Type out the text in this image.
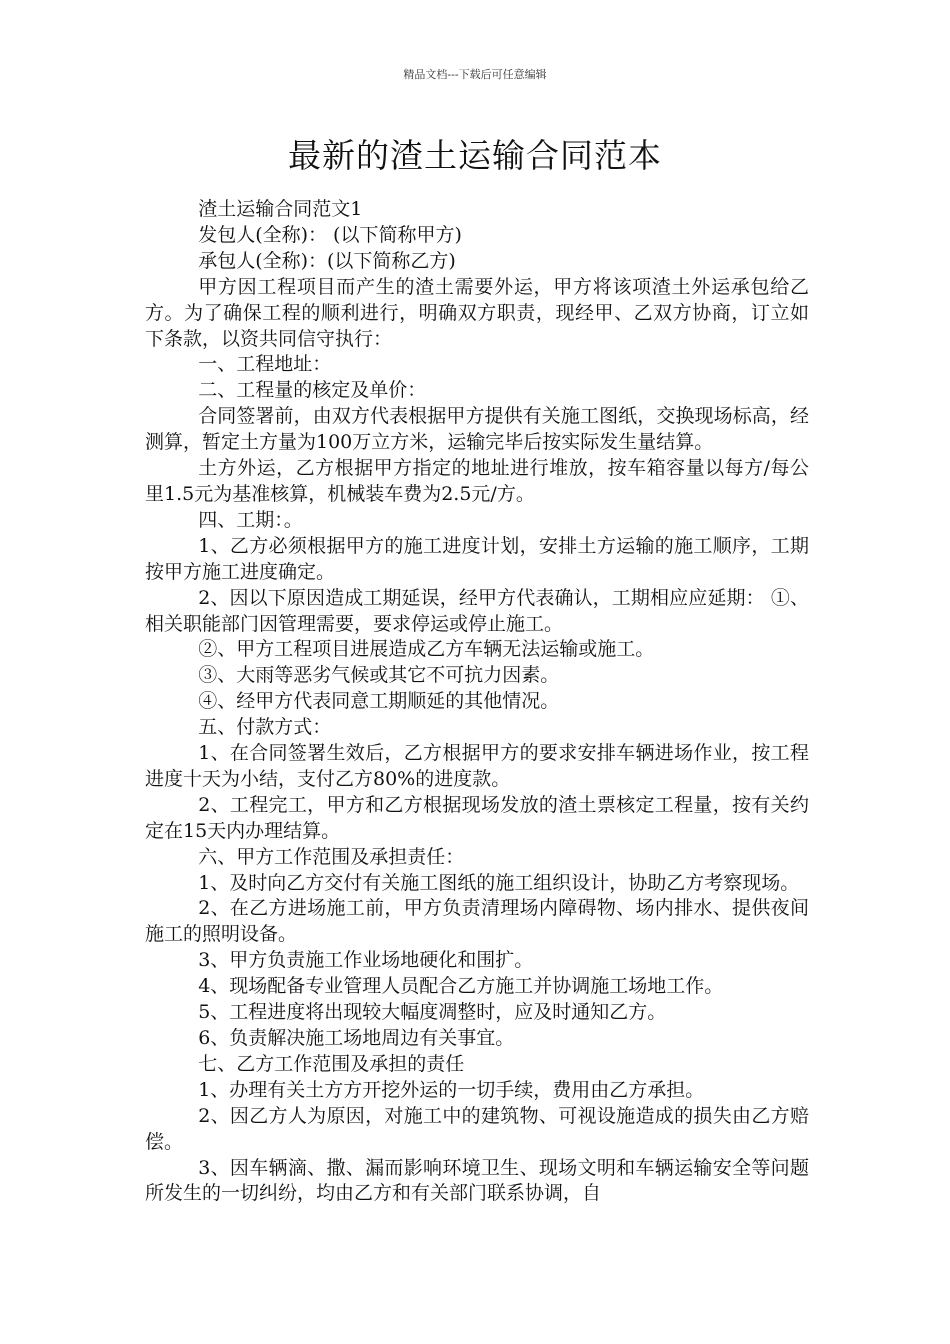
精品文档---下载后可任意编辑
最新的渣土运输合同范本

渣土运输合同范文1

发包人(全称)： (以下简称甲方)

承包人(全称)：(以下简称乙方)

甲方因工程项目而产生的渣土需要外运，甲方将该项渣土外运承包给乙方。为了确保工程的顺利进行，明确双方职责，现经甲、乙双方协商，订立如下条款，以资共同信守执行：

一、工程地址：

二、工程量的核定及单价：

合同签署前，由双方代表根据甲方提供有关施工图纸，交换现场标高，经测算，暂定土方量为100万立方米，运输完毕后按实际发生量结算。

土方外运，乙方根据甲方指定的地址进行堆放，按车箱容量以每方/每公里1.5元为基准核算，机械装车费为2.5元/方。

四、工期：。

1、乙方必须根据甲方的施工进度计划，安排土方运输的施工顺序，工期按甲方施工进度确定。

2、因以下原因造成工期延误，经甲方代表确认，工期相应应延期： ①、相关职能部门因管理需要，要求停运或停止施工。

②、甲方工程项目进展造成乙方车辆无法运输或施工。

③、大雨等恶劣气候或其它不可抗力因素。

④、经甲方代表同意工期顺延的其他情况。

五、付款方式：

1、在合同签署生效后，乙方根据甲方的要求安排车辆进场作业，按工程进度十天为小结，支付乙方80%的进度款。

2、工程完工，甲方和乙方根据现场发放的渣土票核定工程量，按有关约定在15天内办理结算。

六、甲方工作范围及承担责任：

1、及时向乙方交付有关施工图纸的施工组织设计，协助乙方考察现场。

2、在乙方进场施工前，甲方负责清理场内障碍物、场内排水、提供夜间施工的照明设备。

3、甲方负责施工作业场地硬化和围扩。

4、现场配备专业管理人员配合乙方施工并协调施工场地工作。

5、工程进度将出现较大幅度凋整时，应及时通知乙方。

6、负责解决施工场地周边有关事宜。

七、乙方工作范围及承担的责任

1、办理有关土方方开挖外运的一切手续，费用由乙方承担。

2、因乙方人为原因，对施工中的建筑物、可视设施造成的损失由乙方赔偿。

3、因车辆滴、撒、漏而影响环境卫生、现场文明和车辆运输安全等问题所发生的一切纠纷，均由乙方和有关部门联系协调，自
